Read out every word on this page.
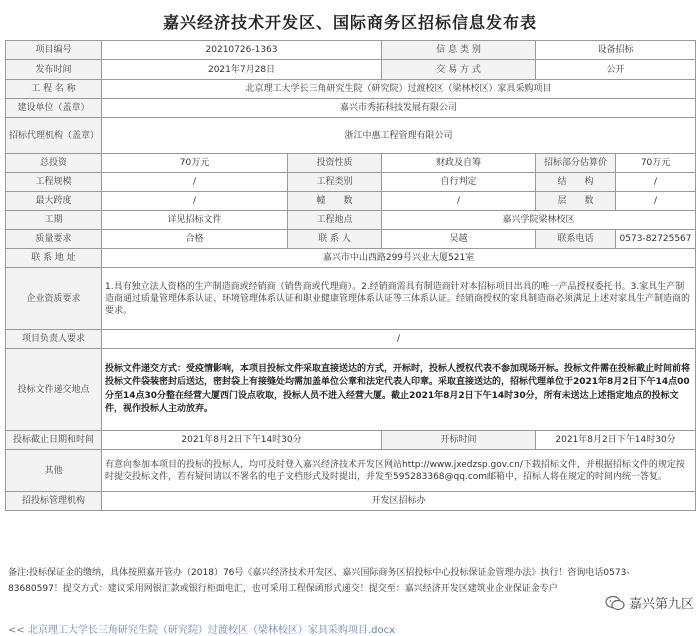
嘉兴经济技术开发区、国际商务区招标信息发布表
项目编号	20210726-1363		信 息 类 别	设备招标	
发布时间	2021年7月28日		交 易 方 式	公开	
工 程 名 称	北京理工大学长三角研究生院（研究院）过渡校区（梁林校区）家具采购项目				
建设单位（盖章）	嘉兴市秀拓科技发展有限公司				
招标代理机构（盖章）	浙江中惠工程管理有限公司				
总投资	70万元	投资性质	财政及自筹	招标部分估算价	70万元
工程规模	/	工程类别	自行判定	结　　构	/
最大跨度	/	幢　　数	/	层　　数	/
工期	详见招标文件	工程地点	嘉兴学院梁林校区		
质量要求	合格	联 系 人	吴越	联系电话	0573-82725567
联 系 地 址	嘉兴市中山西路299号兴业大厦521室				
企业资质要求	1.具有独立法人资格的生产制造商或经销商（销售商或代理商）。2.经销商需具有制造商针对本招标项目出具的唯一产品授权委托书。3.家具生产制造商通过质量管理体系认证、环境管理体系认证和职业健康管理体系认证等三体系认证。经销商授权的家具制造商必须满足上述对家具生产制造商的要求。				
项目负责人要求	/				
投标文件递交地点	投标文件递交方式：受疫情影响，本项目投标文件采取直接送达的方式，开标时，投标人授权代表不参加现场开标。投标文件需在投标截止时间前将投标文件袋装密封后送达，密封袋上有接缝处均需加盖单位公章和法定代表人印章。采取直接送达的，招标代理单位于2021年8月2日下午14点00分至14点30分整在经营大厦西门设点收取，投标人员不进入经营大厦。截止2021年8月2日下午14时30分，所有未送达上述指定地点的投标文件，视作投标人主动放弃。				
投标截止日期和时间	2021年8月2日下午14时30分		开标时间	2021年8月2日下午14时30分	
其他	有意向参加本项目的投标的投标人，均可及时登入嘉兴经济技术开发区网站http://www.jxedzsp.gov.cn/下载招标文件，并根据招标文件的规定按时提交投标文件，若有疑问请以不署名的电子文档形式及时提出，并发至595283368@qq.com邮箱中，招标人将在规定的时间内统一答复。				
招投标管理机构	开发区招标办				
备注:投标保证金的缴纳，具体按照嘉开管办（2018）76号《嘉兴经济技术开发区、嘉兴国际商务区招投标中心投标保证金管理办法》执行！咨询电话0573-83680597！提交方式：建议采用网银汇款或银行柜面电汇，也可采用工程保函形式递交！提交至：嘉兴经济开发区建筑业企业保证金专户
嘉兴第九区
<< 北京理工大学长三角研究生院（研究院）过渡校区（梁林校区）家具采购项目.docx
